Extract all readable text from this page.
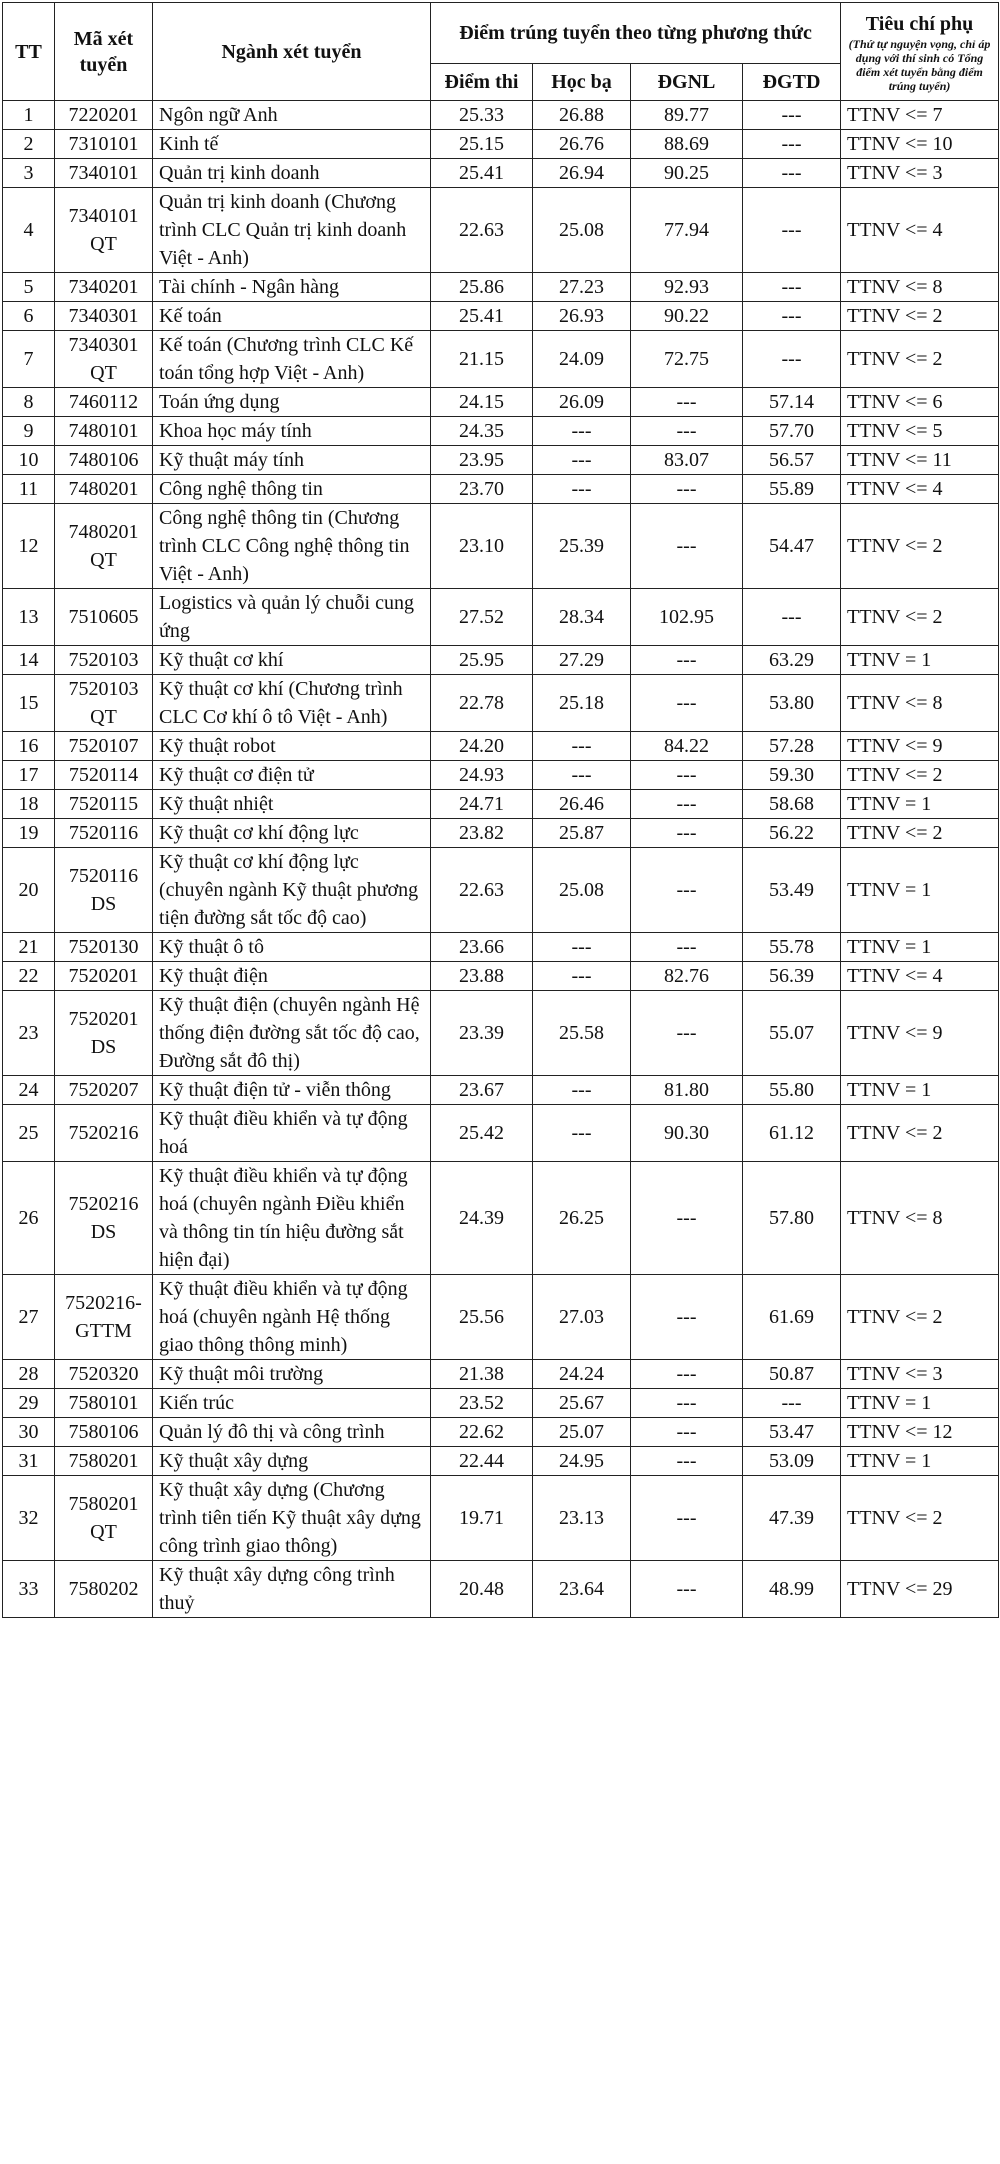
TT	Mã xét tuyển	Ngành xét tuyển	Điểm trúng tuyển theo từng phương thức				Tiêu chí phụ
(Thứ tự nguyện vọng, chỉ áp dụng với thí sinh có Tổng điểm xét tuyển bằng điểm trúng tuyển)

			Điểm thi	Học bạ	ĐGNL	ĐGTD	
1	7220201	Ngôn ngữ Anh	25.33	26.88	89.77	---	TTNV <= 7
2	7310101	Kinh tế	25.15	26.76	88.69	---	TTNV <= 10
3	7340101	Quản trị kinh doanh	25.41	26.94	90.25	---	TTNV <= 3
4	7340101 QT	Quản trị kinh doanh (Chương trình CLC Quản trị kinh doanh Việt - Anh)	22.63	25.08	77.94	---	TTNV <= 4
5	7340201	Tài chính - Ngân hàng	25.86	27.23	92.93	---	TTNV <= 8
6	7340301	Kế toán	25.41	26.93	90.22	---	TTNV <= 2
7	7340301 QT	Kế toán (Chương trình CLC Kế toán tổng hợp Việt - Anh)	21.15	24.09	72.75	---	TTNV <= 2
8	7460112	Toán ứng dụng	24.15	26.09	---	57.14	TTNV <= 6
9	7480101	Khoa học máy tính	24.35	---	---	57.70	TTNV <= 5
10	7480106	Kỹ thuật máy tính	23.95	---	83.07	56.57	TTNV <= 11
11	7480201	Công nghệ thông tin	23.70	---	---	55.89	TTNV <= 4
12	7480201 QT	Công nghệ thông tin (Chương trình CLC Công nghệ thông tin Việt - Anh)	23.10	25.39	---	54.47	TTNV <= 2
13	7510605	Logistics và quản lý chuỗi cung ứng	27.52	28.34	102.95	---	TTNV <= 2
14	7520103	Kỹ thuật cơ khí	25.95	27.29	---	63.29	TTNV = 1
15	7520103 QT	Kỹ thuật cơ khí (Chương trình CLC Cơ khí ô tô Việt - Anh)	22.78	25.18	---	53.80	TTNV <= 8
16	7520107	Kỹ thuật robot	24.20	---	84.22	57.28	TTNV <= 9
17	7520114	Kỹ thuật cơ điện tử	24.93	---	---	59.30	TTNV <= 2
18	7520115	Kỹ thuật nhiệt	24.71	26.46	---	58.68	TTNV = 1
19	7520116	Kỹ thuật cơ khí động lực	23.82	25.87	---	56.22	TTNV <= 2
20	7520116 DS	Kỹ thuật cơ khí động lực (chuyên ngành Kỹ thuật phương tiện đường sắt tốc độ cao)	22.63	25.08	---	53.49	TTNV = 1
21	7520130	Kỹ thuật ô tô	23.66	---	---	55.78	TTNV = 1
22	7520201	Kỹ thuật điện	23.88	---	82.76	56.39	TTNV <= 4
23	7520201 DS	Kỹ thuật điện (chuyên ngành Hệ thống điện đường sắt tốc độ cao, Đường sắt đô thị)	23.39	25.58	---	55.07	TTNV <= 9
24	7520207	Kỹ thuật điện tử - viễn thông	23.67	---	81.80	55.80	TTNV = 1
25	7520216	Kỹ thuật điều khiển và tự động hoá	25.42	---	90.30	61.12	TTNV <= 2
26	7520216 DS	Kỹ thuật điều khiển và tự động hoá (chuyên ngành Điều khiển và thông tin tín hiệu đường sắt hiện đại)	24.39	26.25	---	57.80	TTNV <= 8
27	7520216- GTTM	Kỹ thuật điều khiển và tự động hoá (chuyên ngành Hệ thống giao thông thông minh)	25.56	27.03	---	61.69	TTNV <= 2
28	7520320	Kỹ thuật môi trường	21.38	24.24	---	50.87	TTNV <= 3
29	7580101	Kiến trúc	23.52	25.67	---	---	TTNV = 1
30	7580106	Quản lý đô thị và công trình	22.62	25.07	---	53.47	TTNV <= 12
31	7580201	Kỹ thuật xây dựng	22.44	24.95	---	53.09	TTNV = 1
32	7580201 QT	Kỹ thuật xây dựng (Chương trình tiên tiến Kỹ thuật xây dựng công trình giao thông)	19.71	23.13	---	47.39	TTNV <= 2
33	7580202	Kỹ thuật xây dựng công trình thuỷ	20.48	23.64	---	48.99	TTNV <= 29
